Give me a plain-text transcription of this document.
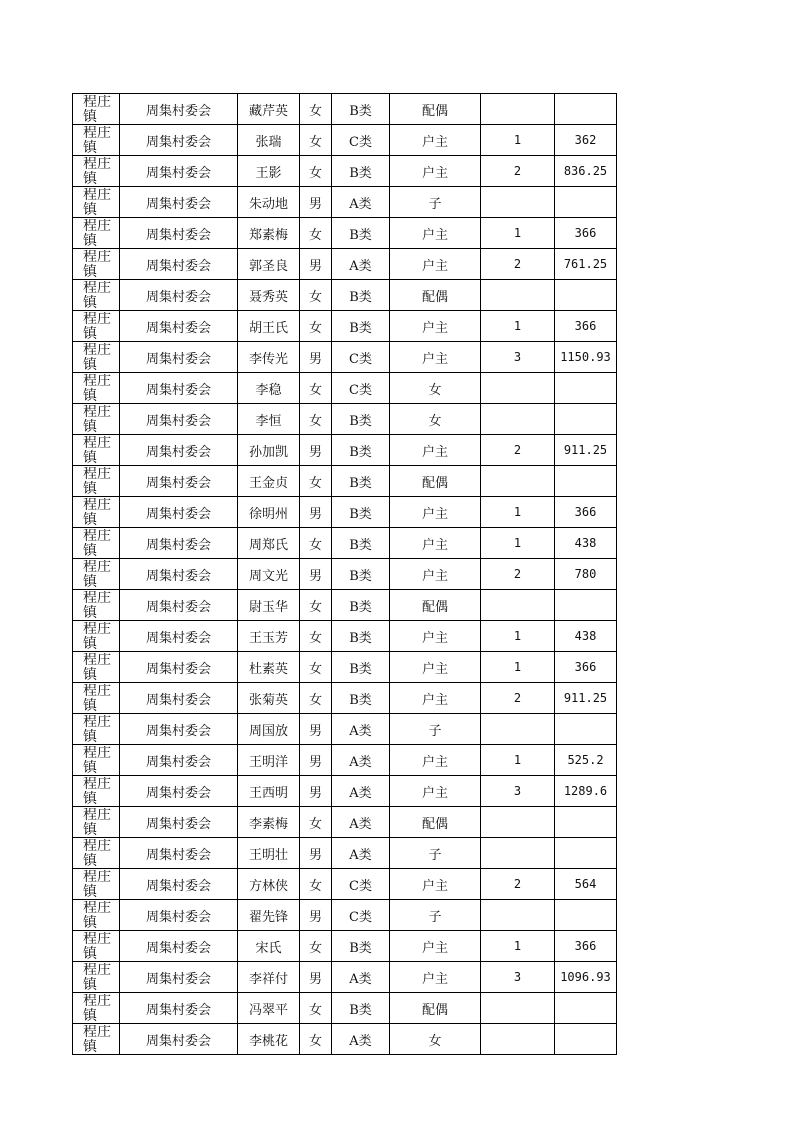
程庄镇	周集村委会	藏芹英	女	B类	配偶		

程庄镇	周集村委会	张瑞	女	C类	户主	1	362

程庄镇	周集村委会	王影	女	B类	户主	2	836.25

程庄镇	周集村委会	朱动地	男	A类	子		

程庄镇	周集村委会	郑素梅	女	B类	户主	1	366

程庄镇	周集村委会	郭圣良	男	A类	户主	2	761.25

程庄镇	周集村委会	聂秀英	女	B类	配偶		

程庄镇	周集村委会	胡王氏	女	B类	户主	1	366

程庄镇	周集村委会	李传光	男	C类	户主	3	1150.93

程庄镇	周集村委会	李稳	女	C类	女		

程庄镇	周集村委会	李恒	女	B类	女		

程庄镇	周集村委会	孙加凯	男	B类	户主	2	911.25

程庄镇	周集村委会	王金贞	女	B类	配偶		

程庄镇	周集村委会	徐明州	男	B类	户主	1	366

程庄镇	周集村委会	周郑氏	女	B类	户主	1	438

程庄镇	周集村委会	周文光	男	B类	户主	2	780

程庄镇	周集村委会	尉玉华	女	B类	配偶		

程庄镇	周集村委会	王玉芳	女	B类	户主	1	438

程庄镇	周集村委会	杜素英	女	B类	户主	1	366

程庄镇	周集村委会	张菊英	女	B类	户主	2	911.25

程庄镇	周集村委会	周国放	男	A类	子		

程庄镇	周集村委会	王明洋	男	A类	户主	1	525.2

程庄镇	周集村委会	王西明	男	A类	户主	3	1289.6

程庄镇	周集村委会	李素梅	女	A类	配偶		

程庄镇	周集村委会	王明壮	男	A类	子		

程庄镇	周集村委会	方林侠	女	C类	户主	2	564

程庄镇	周集村委会	翟先锋	男	C类	子		

程庄镇	周集村委会	宋氏	女	B类	户主	1	366

程庄镇	周集村委会	李祥付	男	A类	户主	3	1096.93

程庄镇	周集村委会	冯翠平	女	B类	配偶		

程庄镇	周集村委会	李桃花	女	A类	女		
